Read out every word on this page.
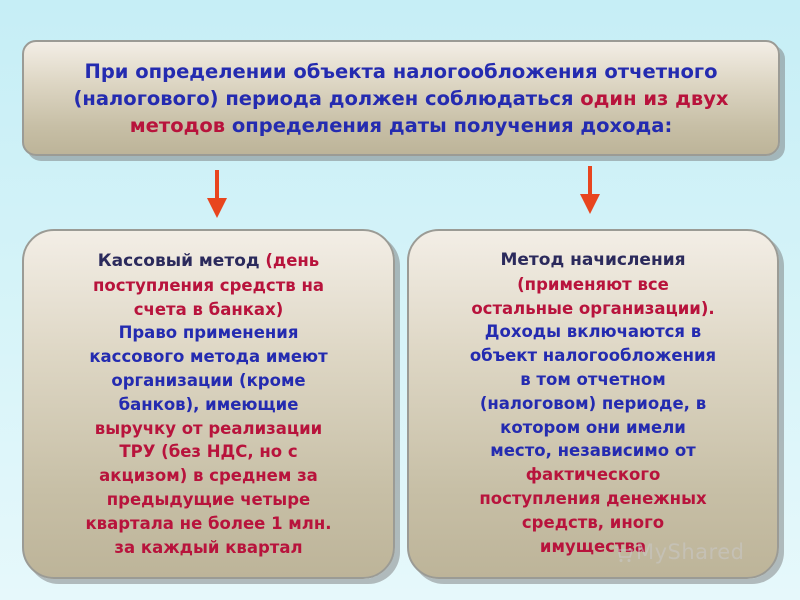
При определении объекта налогообложения отчетного
(налогового) периода должен соблюдаться один из двух
методов определения даты получения дохода:
Кассовый метод (день
поступления средств на
счета в банках)
Право применения
кассового метода имеют
организации (кроме
банков), имеющие
выручку от реализации
ТРУ (без НДС, но с
акцизом) в среднем за
предыдущие четыре
квартала не более 1 млн.
за каждый квартал
Метод начисления
(применяют все
остальные организации).
Доходы включаются в
объект налогообложения
в том отчетном
(налоговом) периоде, в
котором они имели
место, независимо от
фактического
поступления денежных
средств, иного
имущества
MyShared
